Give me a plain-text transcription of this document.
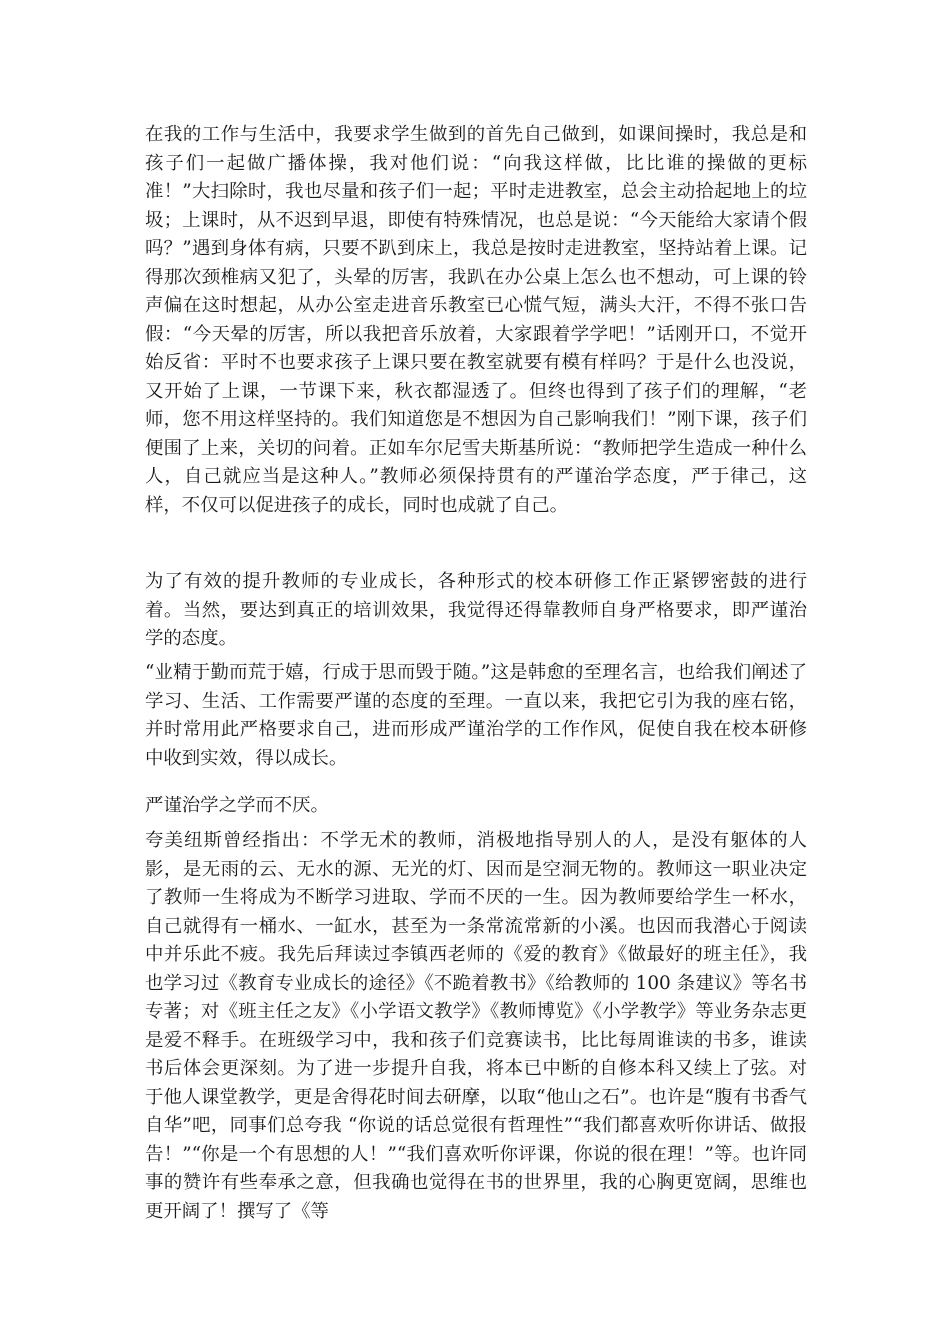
在我的工作与生活中，我要求学生做到的首先自己做到，如课间操时，我总是和孩子们一起做广播体操，我对他们说：“向我这样做，比比谁的操做的更标准！”大扫除时，我也尽量和孩子们一起；平时走进教室，总会主动拾起地上的垃圾；上课时，从不迟到早退，即使有特殊情况，也总是说：“今天能给大家请个假吗？”遇到身体有病，只要不趴到床上，我总是按时走进教室，坚持站着上课。记得那次颈椎病又犯了，头晕的厉害，我趴在办公桌上怎么也不想动，可上课的铃声偏在这时想起，从办公室走进音乐教室已心慌气短，满头大汗，不得不张口告假：“今天晕的厉害，所以我把音乐放着，大家跟着学学吧！”话刚开口，不觉开始反省：平时不也要求孩子上课只要在教室就要有模有样吗？于是什么也没说，又开始了上课，一节课下来，秋衣都湿透了。但终也得到了孩子们的理解，“老师，您不用这样坚持的。我们知道您是不想因为自己影响我们！”刚下课，孩子们便围了上来，关切的问着。正如车尔尼雪夫斯基所说：“教师把学生造成一种什么人，自己就应当是这种人。”教师必须保持贯有的严谨治学态度，严于律己，这样，不仅可以促进孩子的成长，同时也成就了自己。

为了有效的提升教师的专业成长，各种形式的校本研修工作正紧锣密鼓的进行着。当然，要达到真正的培训效果，我觉得还得靠教师自身严格要求，即严谨治学的态度。

“业精于勤而荒于嬉，行成于思而毁于随。”这是韩愈的至理名言，也给我们阐述了学习、生活、工作需要严谨的态度的至理。一直以来，我把它引为我的座右铭，并时常用此严格要求自己，进而形成严谨治学的工作作风，促使自我在校本研修中收到实效，得以成长。

严谨治学之学而不厌。

夸美纽斯曾经指出：不学无术的教师，消极地指导别人的人，是没有躯体的人影，是无雨的云、无水的源、无光的灯、因而是空洞无物的。教师这一职业决定了教师一生将成为不断学习进取、学而不厌的一生。因为教师要给学生一杯水，自己就得有一桶水、一缸水，甚至为一条常流常新的小溪。也因而我潜心于阅读中并乐此不疲。我先后拜读过李镇西老师的《爱的教育》《做最好的班主任》，我也学习过《教育专业成长的途径》《不跪着教书》《给教师的 100 条建议》等名书专著；对《班主任之友》《小学语文教学》《教师博览》《小学教学》等业务杂志更是爱不释手。在班级学习中，我和孩子们竞赛读书，比比每周谁读的书多，谁读书后体会更深刻。为了进一步提升自我，将本已中断的自修本科又续上了弦。对于他人课堂教学，更是舍得花时间去研摩，以取“他山之石”。也许是“腹有书香气自华”吧，同事们总夸我 “你说的话总觉很有哲理性”“我们都喜欢听你讲话、做报告！”“你是一个有思想的人！”“我们喜欢听你评课，你说的很在理！”等。也许同事的赞许有些奉承之意，但我确也觉得在书的世界里，我的心胸更宽阔，思维也更开阔了！撰写了《等
